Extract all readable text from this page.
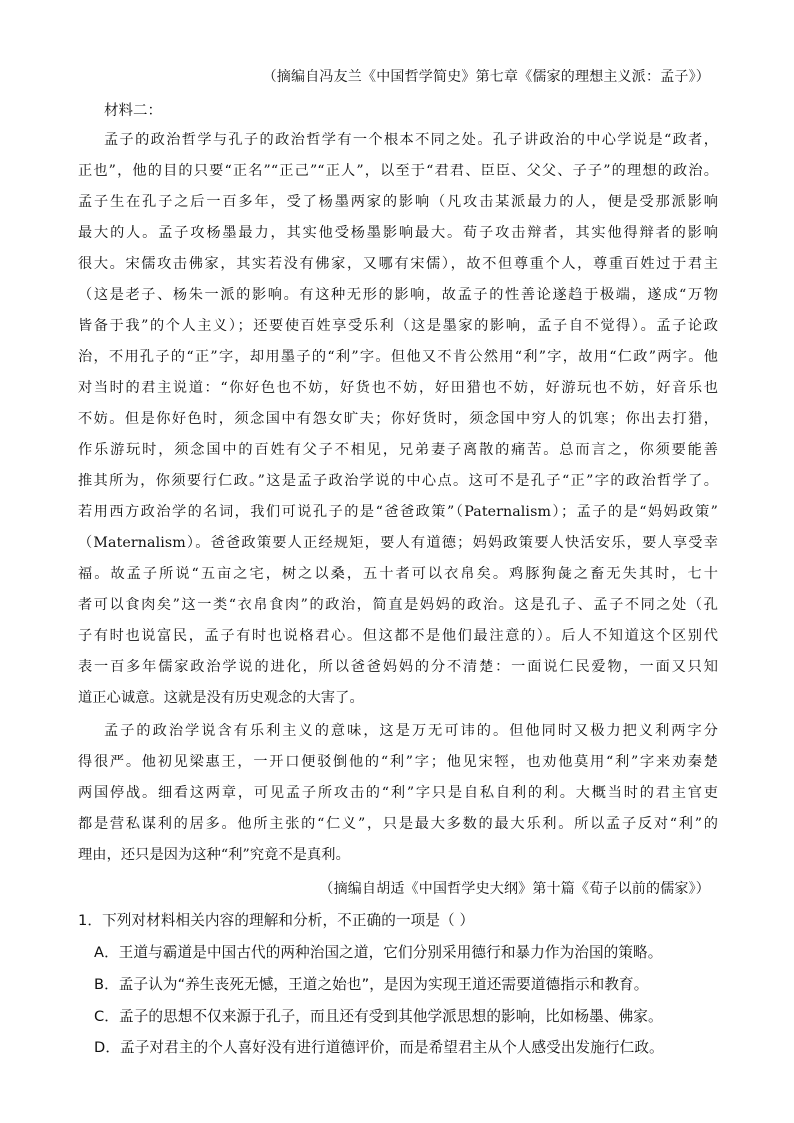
（摘编自冯友兰《中国哲学简史》第七章《儒家的理想主义派：孟子》）
材料二：
孟子的政治哲学与孔子的政治哲学有一个根本不同之处。孔子讲政治的中心学说是“政者，
正也”，他的目的只要“正名”“正己”“正人”，以至于“君君、臣臣、父父、子子”的理想的政治。
孟子生在孔子之后一百多年，受了杨墨两家的影响（凡攻击某派最力的人，便是受那派影响
最大的人。孟子攻杨墨最力，其实他受杨墨影响最大。荀子攻击辩者，其实他得辩者的影响
很大。宋儒攻击佛家，其实若没有佛家，又哪有宋儒），故不但尊重个人，尊重百姓过于君主
（这是老子、杨朱一派的影响。有这种无形的影响，故孟子的性善论遂趋于极端，遂成“万物
皆备于我”的个人主义）；还要使百姓享受乐利（这是墨家的影响，孟子自不觉得）。孟子论政
治，不用孔子的“正”字，却用墨子的“利”字。但他又不肯公然用“利”字，故用“仁政”两字。他
对当时的君主说道：“你好色也不妨，好货也不妨，好田猎也不妨，好游玩也不妨，好音乐也
不妨。但是你好色时，须念国中有怨女旷夫；你好货时，须念国中穷人的饥寒；你出去打猎，
作乐游玩时，须念国中的百姓有父子不相见，兄弟妻子离散的痛苦。总而言之，你须要能善
推其所为，你须要行仁政。”这是孟子政治学说的中心点。这可不是孔子“正”字的政治哲学了。
若用西方政治学的名词，我们可说孔子的是“爸爸政策”（Paternalism）；孟子的是“妈妈政策”
（Maternalism）。爸爸政策要人正经规矩，要人有道德；妈妈政策要人快活安乐，要人享受幸
福。故孟子所说“五亩之宅，树之以桑，五十者可以衣帛矣。鸡豚狗彘之畜无失其时，七十
者可以食肉矣”这一类“衣帛食肉”的政治，简直是妈妈的政治。这是孔子、孟子不同之处（孔
子有时也说富民，孟子有时也说格君心。但这都不是他们最注意的）。后人不知道这个区别代
表一百多年儒家政治学说的进化，所以爸爸妈妈的分不清楚：一面说仁民爱物，一面又只知
道正心诚意。这就是没有历史观念的大害了。
孟子的政治学说含有乐利主义的意味，这是万无可讳的。但他同时又极力把义利两字分
得很严。他初见梁惠王，一开口便驳倒他的“利”字；他见宋牼，也劝他莫用“利”字来劝秦楚
两国停战。细看这两章，可见孟子所攻击的“利”字只是自私自利的利。大概当时的君主官吏
都是营私谋利的居多。他所主张的“仁义”，只是最大多数的最大乐利。所以孟子反对“利”的
理由，还只是因为这种“利”究竟不是真利。
（摘编自胡适《中国哲学史大纲》第十篇《荀子以前的儒家》）
1．下列对材料相关内容的理解和分析，不正确的一项是（ ）
A．王道与霸道是中国古代的两种治国之道，它们分别采用德行和暴力作为治国的策略。
B．孟子认为“养生丧死无憾，王道之始也”，是因为实现王道还需要道德指示和教育。
C．孟子的思想不仅来源于孔子，而且还有受到其他学派思想的影响，比如杨墨、佛家。
D．孟子对君主的个人喜好没有进行道德评价，而是希望君主从个人感受出发施行仁政。
